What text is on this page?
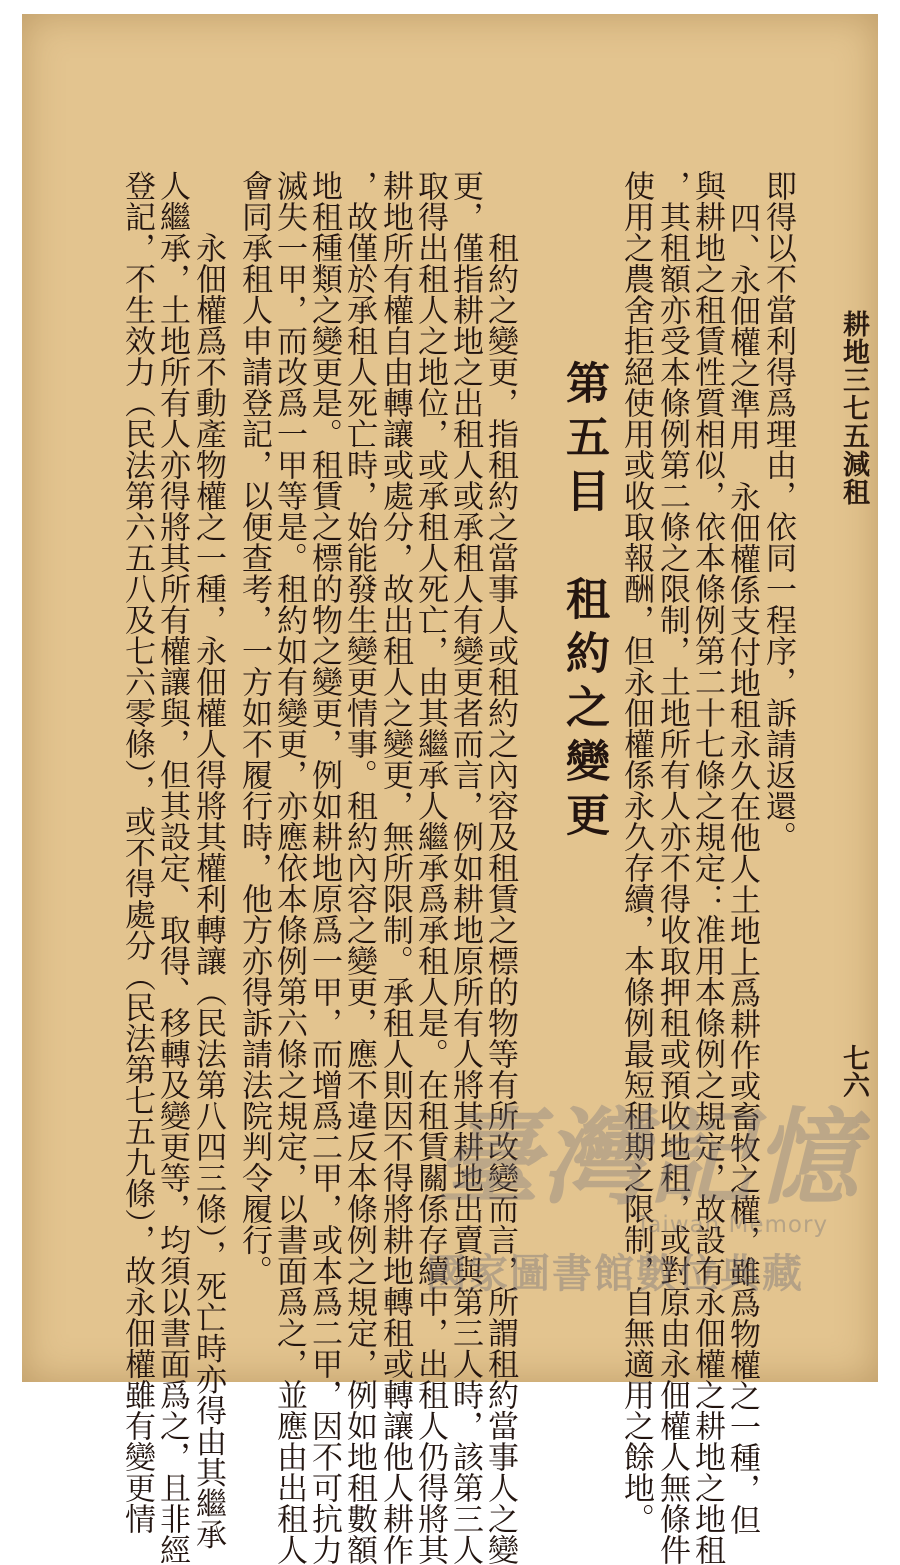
耕地三七五減租
七六
即得以不當利得爲理由，依同一程序，訴請返還。
四、永佃權之準用　永佃權係支付地租永久在他人土地上爲耕作或畜牧之權，雖爲物權之一種，但
與耕地之租賃性質相似，依本條例第二十七條之規定：准用本條例之規定，故設有永佃權之耕地之地租
，其租額亦受本條例第二條之限制，土地所有人亦不得收取押租或預收地租，或對原由永佃權人無條件
使用之農舍拒絕使用或收取報酬，但永佃權係永久存續，本條例最短租期之限制，自無適用之餘地。
第五目　租約之變更
租約之變更，指租約之當事人或租約之內容及租賃之標的物等有所改變而言，所謂租約當事人之變
更，僅指耕地之出租人或承租人有變更者而言，例如耕地原所有人將其耕地出賣與第三人時，該第三人
取得出租人之地位，或承租人死亡，由其繼承人繼承爲承租人是。在租賃關係存續中，出租人仍得將其
耕地所有權自由轉讓或處分，故出租人之變更，無所限制。承租人則因不得將耕地轉租或轉讓他人耕作
，故僅於承租人死亡時，始能發生變更情事。租約內容之變更，應不違反本條例之規定，例如地租數額
地租種類之變更是。租賃之標的物之變更，例如耕地原爲一甲，而增爲二甲，或本爲二甲，因不可抗力
滅失一甲，而改爲一甲等是。租約如有變更，亦應依本條例第六條之規定，以書面爲之，並應由出租人
會同承租人申請登記，以便查考，一方如不履行時，他方亦得訴請法院判令履行。
永佃權爲不動產物權之一種，永佃權人得將其權利轉讓（民法第八四三條），死亡時亦得由其繼承
人繼承，土地所有人亦得將其所有權讓與，但其設定、取得、移轉及變更等，均須以書面爲之，且非經
登記，不生效力（民法第六五八及七六零條），或不得處分（民法第七五九條），故永佃權雖有變更情	臺灣記憶
Taiwan Memory
國家圖書館數位典藏
